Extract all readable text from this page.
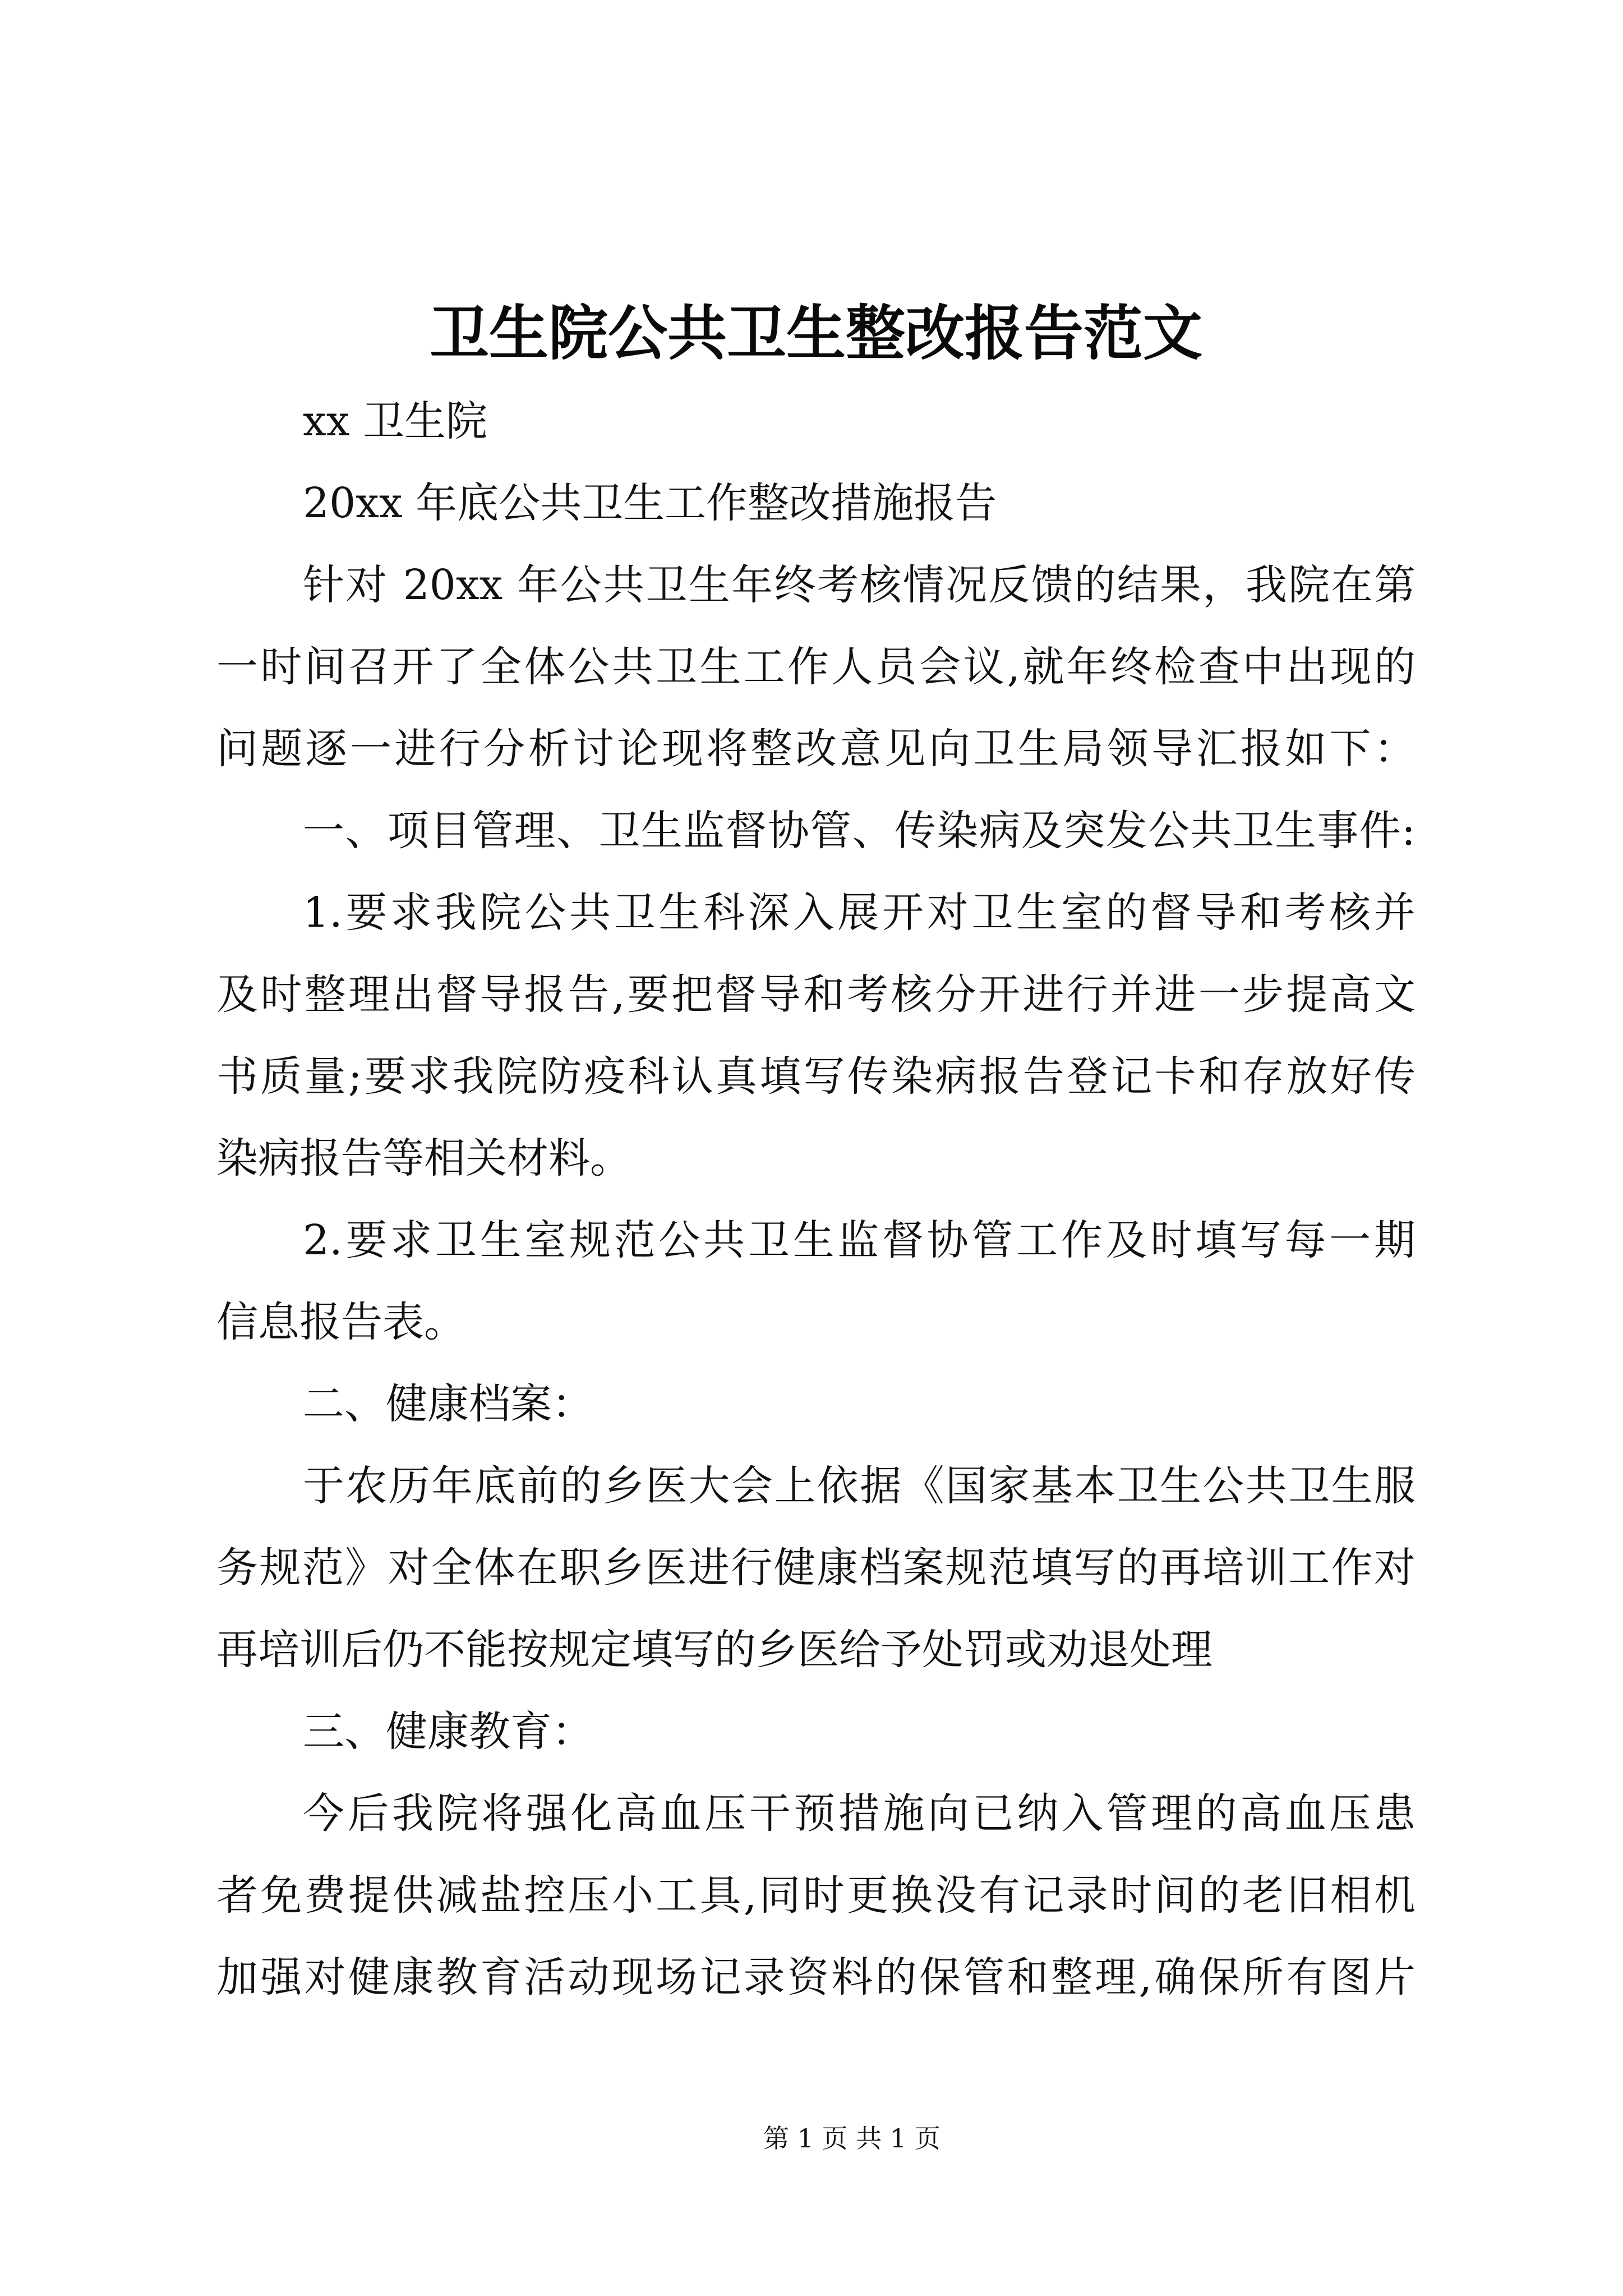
卫生院公共卫生整改报告范文
xx 卫生院
20xx 年底公共卫生工作整改措施报告
针对 20xx 年公共卫生年终考核情况反馈的结果，我院在第
一时间召开了全体公共卫生工作人员会议,就年终检查中出现的
问题逐一进行分析讨论现将整改意见向卫生局领导汇报如下：
一、项目管理、卫生监督协管、传染病及突发公共卫生事件:
1.要求我院公共卫生科深入展开对卫生室的督导和考核并
及时整理出督导报告,要把督导和考核分开进行并进一步提高文
书质量;要求我院防疫科认真填写传染病报告登记卡和存放好传
染病报告等相关材料。
2.要求卫生室规范公共卫生监督协管工作及时填写每一期
信息报告表。
二、健康档案：
于农历年底前的乡医大会上依据《国家基本卫生公共卫生服
务规范》对全体在职乡医进行健康档案规范填写的再培训工作对
再培训后仍不能按规定填写的乡医给予处罚或劝退处理
三、健康教育：
今后我院将强化高血压干预措施向已纳入管理的高血压患
者免费提供减盐控压小工具,同时更换没有记录时间的老旧相机
加强对健康教育活动现场记录资料的保管和整理,确保所有图片
第 1 页 共 1 页
